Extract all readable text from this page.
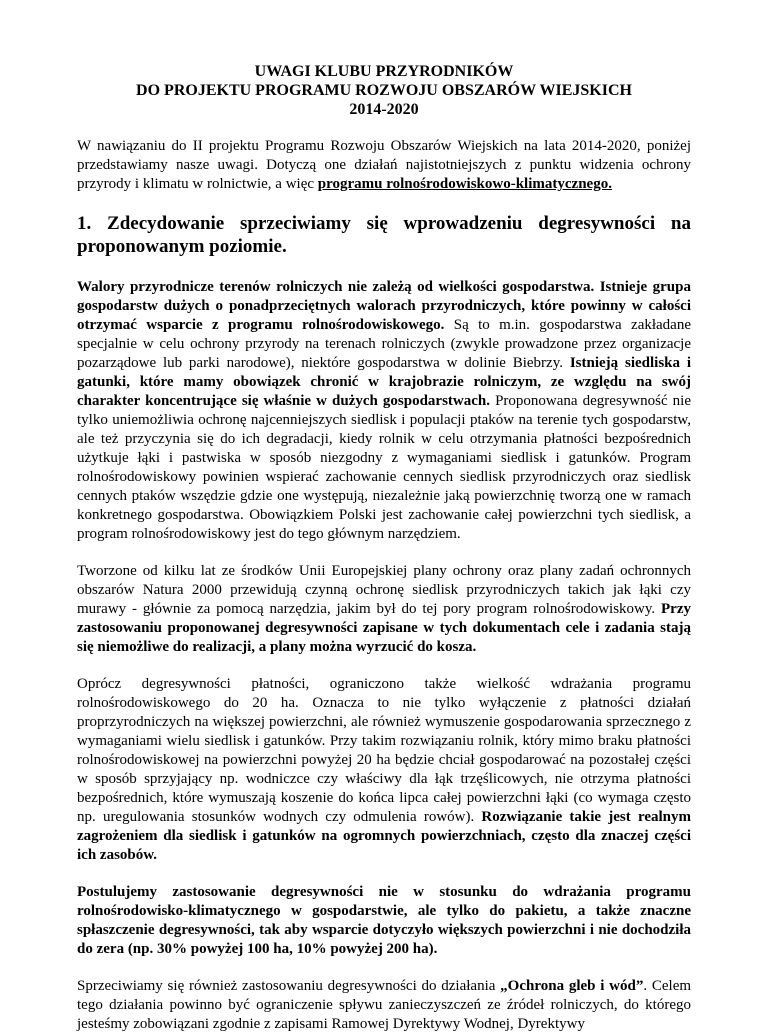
UWAGI KLUBU PRZYRODNIKÓW
DO PROJEKTU PROGRAMU ROZWOJU OBSZARÓW WIEJSKICH
2014-2020

W nawiązaniu do II projektu Programu Rozwoju Obszarów Wiejskich na lata 2014-2020, poniżej przedstawiamy nasze uwagi. Dotyczą one działań najistotniejszych z punktu widzenia ochrony przyrody i klimatu w rolnictwie, a więc programu rolnośrodowiskowo-klimatycznego.

1. Zdecydowanie sprzeciwiamy się wprowadzeniu degresywności na
proponowanym poziomie.

Walory przyrodnicze terenów rolniczych nie zależą od wielkości gospodarstwa. Istnieje grupa gospodarstw dużych o ponadprzeciętnych walorach przyrodniczych, które powinny w całości otrzymać wsparcie z programu rolnośrodowiskowego. Są to m.in. gospodarstwa zakładane specjalnie w celu ochrony przyrody na terenach rolniczych (zwykle prowadzone przez organizacje pozarządowe lub parki narodowe), niektóre gospodarstwa w dolinie Biebrzy. Istnieją siedliska i gatunki, które mamy obowiązek chronić w krajobrazie rolniczym, ze względu na swój charakter koncentrujące się właśnie w dużych gospodarstwach. Proponowana degresywność nie tylko uniemożliwia ochronę najcenniejszych siedlisk i populacji ptaków na terenie tych gospodarstw, ale też przyczynia się do ich degradacji, kiedy rolnik w celu otrzymania płatności bezpośrednich użytkuje łąki i pastwiska w sposób niezgodny z wymaganiami siedlisk i gatunków. Program rolnośrodowiskowy powinien wspierać zachowanie cennych siedlisk przyrodniczych oraz siedlisk cennych ptaków wszędzie gdzie one występują, niezależnie jaką powierzchnię tworzą one w ramach konkretnego gospodarstwa. Obowiązkiem Polski jest zachowanie całej powierzchni tych siedlisk, a program rolnośrodowiskowy jest do tego głównym narzędziem.

Tworzone od kilku lat ze środków Unii Europejskiej plany ochrony oraz plany zadań ochronnych obszarów Natura 2000 przewidują czynną ochronę siedlisk przyrodniczych takich jak łąki czy murawy - głównie za pomocą narzędzia, jakim był do tej pory program rolnośrodowiskowy. Przy zastosowaniu proponowanej degresywności zapisane w tych dokumentach cele i zadania stają się niemożliwe do realizacji, a plany można wyrzucić do kosza.

Oprócz degresywności płatności, ograniczono także wielkość wdrażania programu rolnośrodowiskowego do 20 ha. Oznacza to nie tylko wyłączenie z płatności działań proprzyrodniczych na większej powierzchni, ale również wymuszenie gospodarowania sprzecznego z wymaganiami wielu siedlisk i gatunków. Przy takim rozwiązaniu rolnik, który mimo braku płatności rolnośrodowiskowej na powierzchni powyżej 20 ha będzie chciał gospodarować na pozostałej części w sposób sprzyjający np. wodniczce czy właściwy dla łąk trzęślicowych, nie otrzyma płatności bezpośrednich, które wymuszają koszenie do końca lipca całej powierzchni łąki (co wymaga często np. uregulowania stosunków wodnych czy odmulenia rowów). Rozwiązanie takie jest realnym zagrożeniem dla siedlisk i gatunków na ogromnych powierzchniach, często dla znaczej części ich zasobów.

Postulujemy zastosowanie degresywności nie w stosunku do wdrażania programu rolnośrodowisko-klimatycznego w gospodarstwie, ale tylko do pakietu, a także znaczne spłaszczenie degresywności, tak aby wsparcie dotyczyło większych powierzchni i nie dochodziła do zera (np. 30% powyżej 100 ha, 10% powyżej 200 ha).

Sprzeciwiamy się również zastosowaniu degresywności do działania „Ochrona gleb i wód”. Celem tego działania powinno być ograniczenie spływu zanieczyszczeń ze źródeł rolniczych, do którego jesteśmy zobowiązani zgodnie z zapisami Ramowej Dyrektywy Wodnej, Dyrektywy
